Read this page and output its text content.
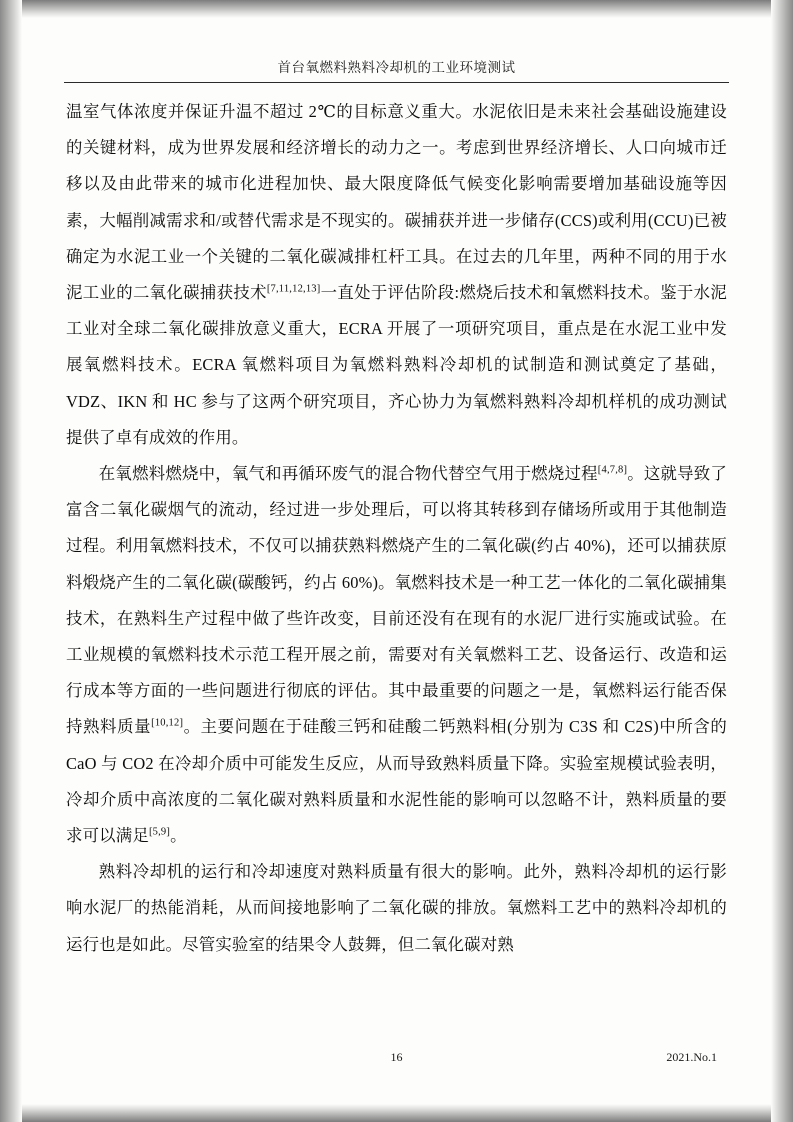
首台氧燃料熟料冷却机的工业环境测试

温室气体浓度并保证升温不超过 2℃的目标意义重大。水泥依旧是未来社会基础设施建设的关键材料，成为世界发展和经济增长的动力之一。考虑到世界经济增长、人口向城市迁移以及由此带来的城市化进程加快、最大限度降低气候变化影响需要增加基础设施等因素，大幅削减需求和/或替代需求是不现实的。碳捕获并进一步储存(CCS)或利用(CCU)已被确定为水泥工业一个关键的二氧化碳减排杠杆工具。在过去的几年里，两种不同的用于水泥工业的二氧化碳捕获技术[7,11,12,13]一直处于评估阶段:燃烧后技术和氧燃料技术。鉴于水泥工业对全球二氧化碳排放意义重大，ECRA 开展了一项研究项目，重点是在水泥工业中发展氧燃料技术。ECRA 氧燃料项目为氧燃料熟料冷却机的试制造和测试奠定了基础，VDZ、IKN 和 HC 参与了这两个研究项目，齐心协力为氧燃料熟料冷却机样机的成功测试提供了卓有成效的作用。

在氧燃料燃烧中，氧气和再循环废气的混合物代替空气用于燃烧过程[4,7,8]。这就导致了富含二氧化碳烟气的流动，经过进一步处理后，可以将其转移到存储场所或用于其他制造过程。利用氧燃料技术，不仅可以捕获熟料燃烧产生的二氧化碳(约占 40%)，还可以捕获原料煅烧产生的二氧化碳(碳酸钙，约占 60%)。氧燃料技术是一种工艺一体化的二氧化碳捕集技术，在熟料生产过程中做了些许改变，目前还没有在现有的水泥厂进行实施或试验。在工业规模的氧燃料技术示范工程开展之前，需要对有关氧燃料工艺、设备运行、改造和运行成本等方面的一些问题进行彻底的评估。其中最重要的问题之一是，氧燃料运行能否保持熟料质量[10,12]。主要问题在于硅酸三钙和硅酸二钙熟料相(分别为 C3S 和 C2S)中所含的 CaO 与 CO2 在冷却介质中可能发生反应，从而导致熟料质量下降。实验室规模试验表明，冷却介质中高浓度的二氧化碳对熟料质量和水泥性能的影响可以忽略不计，熟料质量的要求可以满足[5,9]。

熟料冷却机的运行和冷却速度对熟料质量有很大的影响。此外，熟料冷却机的运行影响水泥厂的热能消耗，从而间接地影响了二氧化碳的排放。氧燃料工艺中的熟料冷却机的运行也是如此。尽管实验室的结果令人鼓舞，但二氧化碳对熟

16	2021.No.1
